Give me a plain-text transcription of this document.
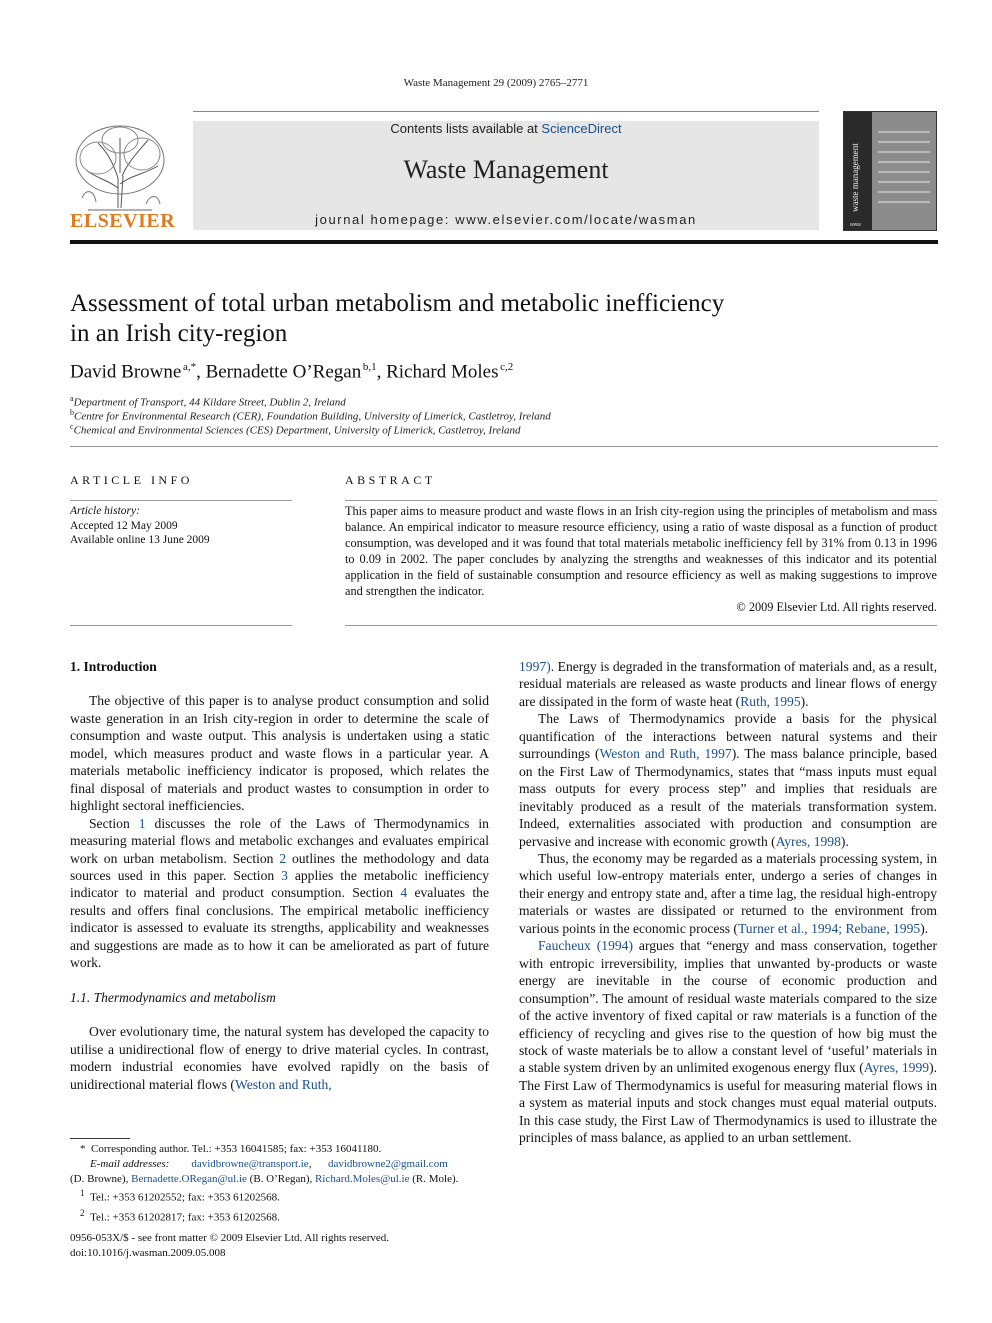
Waste Management 29 (2009) 2765–2771
ELSEVIER
Contents lists available at ScienceDirect
Waste Management
journal homepage: www.elsevier.com/locate/wasman
waste management
www
Assessment of total urban metabolism and metabolic inefficiency
in an Irish city-region
David Browne  $^{a,*}$, Bernadette O’Regan  $^{b,1}$, Richard Moles  $^{c,2}$
$^a$Department of Transport, 44 Kildare Street, Dublin 2, Ireland
$^b$Centre for Environmental Research (CER), Foundation Building, University of Limerick, Castletroy, Ireland
$^c$Chemical and Environmental Sciences (CES) Department, University of Limerick, Castletroy, Ireland
ARTICLE INFO
Article history:
Accepted 12 May 2009
Available online 13 June 2009
ABSTRACT
This paper aims to measure product and waste flows in an Irish city-region using the principles of metabolism and mass balance. An empirical indicator to measure resource efficiency, using a ratio of waste disposal as a function of product consumption, was developed and it was found that total materials metabolic inefficiency fell by 31% from 0.13 in 1996 to 0.09 in 2002. The paper concludes by analyzing the strengths and weaknesses of this indicator and its potential application in the field of sustainable consumption and resource efficiency as well as making suggestions to improve and strengthen the indicator.
© 2009 Elsevier Ltd. All rights reserved.
1. Introduction

The objective of this paper is to analyse product consumption and solid waste generation in an Irish city-region in order to determine the scale of consumption and waste output. This analysis is undertaken using a static model, which measures product and waste flows in a particular year. A materials metabolic inefficiency indicator is proposed, which relates the final disposal of materials and product wastes to consumption in order to highlight sectoral inefficiencies.

Section 1 discusses the role of the Laws of Thermodynamics in measuring material flows and metabolic exchanges and evaluates empirical work on urban metabolism. Section 2 outlines the methodology and data sources used in this paper. Section 3 applies the metabolic inefficiency indicator to material and product consumption. Section 4 evaluates the results and offers final conclusions. The empirical metabolic inefficiency indicator is assessed to evaluate its strengths, applicability and weaknesses and suggestions are made as to how it can be ameliorated as part of future work.

1.1. Thermodynamics and metabolism

Over evolutionary time, the natural system has developed the capacity to utilise a unidirectional flow of energy to drive material cycles. In contrast, modern industrial economies have evolved rapidly on the basis of unidirectional material flows (Weston and Ruth,

*  Corresponding author. Tel.: +353 16041585; fax: +353 16041180.
E-mail addresses: davidbrowne@transport.ie,      davidbrowne2@gmail.com
(D. Browne), Bernadette.ORegan@ul.ie (B. O’Regan), Richard.Moles@ul.ie (R. Mole).
$^1$ Tel.: +353 61202552; fax: +353 61202568.
$^2$ Tel.: +353 61202817; fax: +353 61202568.
0956-053X/$ - see front matter © 2009 Elsevier Ltd. All rights reserved.
doi:10.1016/j.wasman.2009.05.008

1997). Energy is degraded in the transformation of materials and, as a result, residual materials are released as waste products and linear flows of energy are dissipated in the form of waste heat (Ruth, 1995).

The Laws of Thermodynamics provide a basis for the physical quantification of the interactions between natural systems and their surroundings (Weston and Ruth, 1997). The mass balance principle, based on the First Law of Thermodynamics, states that “mass inputs must equal mass outputs for every process step” and implies that residuals are inevitably produced as a result of the materials transformation system. Indeed, externalities associated with production and consumption are pervasive and increase with economic growth (Ayres, 1998).

Thus, the economy may be regarded as a materials processing system, in which useful low-entropy materials enter, undergo a series of changes in their energy and entropy state and, after a time lag, the residual high-entropy materials or wastes are dissipated or returned to the environment from various points in the economic process (Turner et al., 1994; Rebane, 1995).

Faucheux (1994) argues that “energy and mass conservation, together with entropic irreversibility, implies that unwanted by-products or waste energy are inevitable in the course of economic production and consumption”. The amount of residual waste materials compared to the size of the active inventory of fixed capital or raw materials is a function of the efficiency of recycling and gives rise to the question of how big must the stock of waste materials be to allow a constant level of ‘useful’ materials in a stable system driven by an unlimited exogenous energy flux (Ayres, 1999). The First Law of Thermodynamics is useful for measuring material flows in a system as material inputs and stock changes must equal material outputs. In this case study, the First Law of Thermodynamics is used to illustrate the principles of mass balance, as applied to an urban settlement.
